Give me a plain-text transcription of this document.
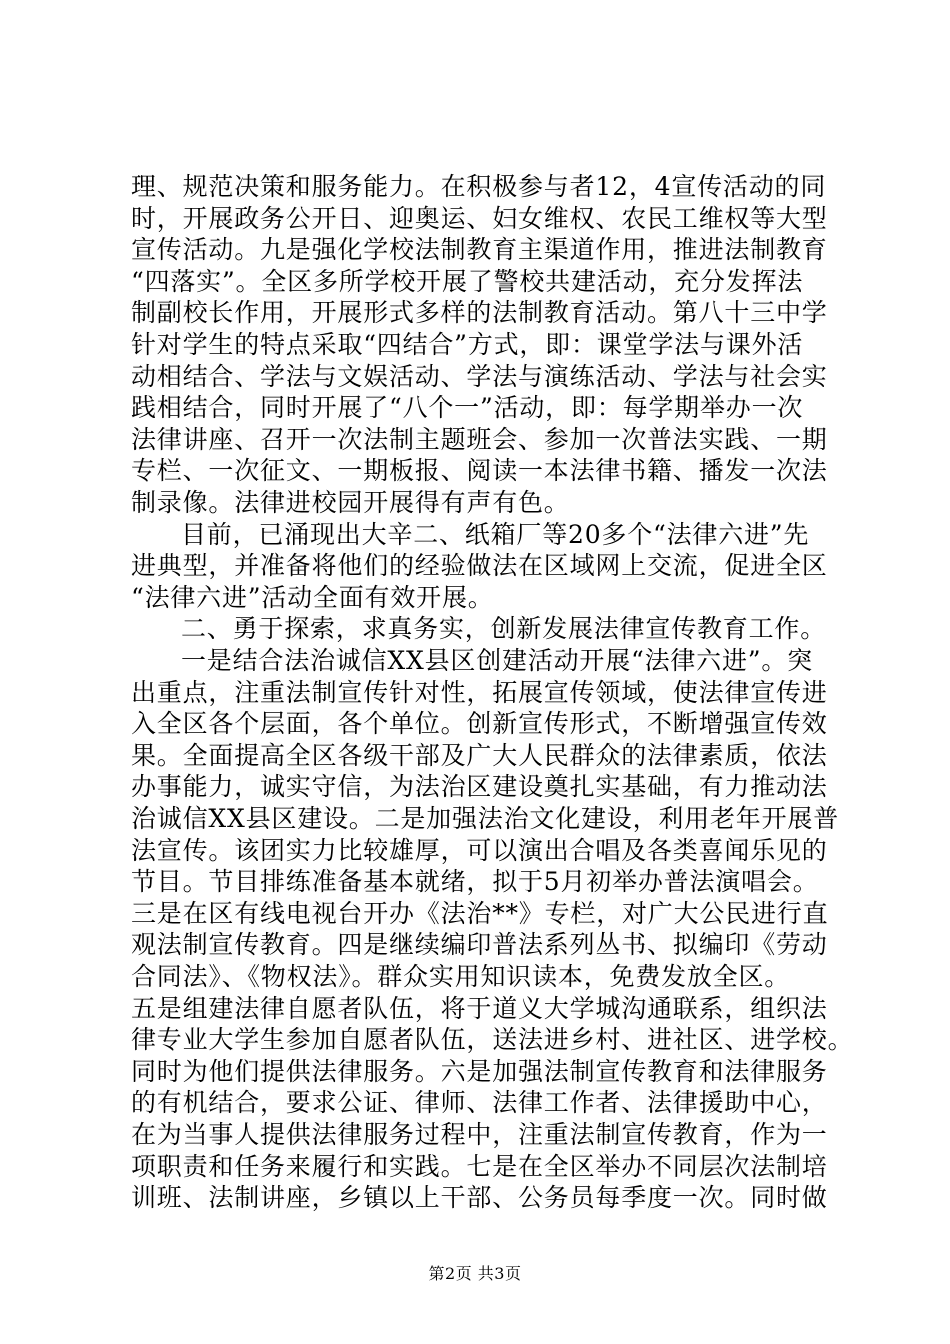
理、规范决策和服务能力。在积极参与者12，4宣传活动的同
时，开展政务公开日、迎奥运、妇女维权、农民工维权等大型
宣传活动。九是强化学校法制教育主渠道作用，推进法制教育
“四落实”。全区多所学校开展了警校共建活动，充分发挥法
制副校长作用，开展形式多样的法制教育活动。第八十三中学
针对学生的特点采取“四结合”方式，即：课堂学法与课外活
动相结合、学法与文娱活动、学法与演练活动、学法与社会实
践相结合，同时开展了“八个一”活动，即：每学期举办一次
法律讲座、召开一次法制主题班会、参加一次普法实践、一期
专栏、一次征文、一期板报、阅读一本法律书籍、播发一次法
制录像。法律进校园开展得有声有色。
目前，已涌现出大辛二、纸箱厂等20多个“法律六进”先
进典型，并准备将他们的经验做法在区域网上交流，促进全区
“法律六进”活动全面有效开展。
二、勇于探索，求真务实，创新发展法律宣传教育工作。
一是结合法治诚信XX县区创建活动开展“法律六进”。突
出重点，注重法制宣传针对性，拓展宣传领域，使法律宣传进
入全区各个层面，各个单位。创新宣传形式，不断增强宣传效
果。全面提高全区各级干部及广大人民群众的法律素质，依法
办事能力，诚实守信，为法治区建设奠扎实基础，有力推动法
治诚信XX县区建设。二是加强法治文化建设，利用老年开展普
法宣传。该团实力比较雄厚，可以演出合唱及各类喜闻乐见的
节目。节目排练准备基本就绪，拟于5月初举办普法演唱会。
三是在区有线电视台开办《法治**》专栏，对广大公民进行直
观法制宣传教育。四是继续编印普法系列丛书、拟编印《劳动
合同法》、《物权法》。群众实用知识读本，免费发放全区。
五是组建法律自愿者队伍，将于道义大学城沟通联系，组织法
律专业大学生参加自愿者队伍，送法进乡村、进社区、进学校。
同时为他们提供法律服务。六是加强法制宣传教育和法律服务
的有机结合，要求公证、律师、法律工作者、法律援助中心，
在为当事人提供法律服务过程中，注重法制宣传教育，作为一
项职责和任务来履行和实践。七是在全区举办不同层次法制培
训班、法制讲座，乡镇以上干部、公务员每季度一次。同时做
第2页 共3页
